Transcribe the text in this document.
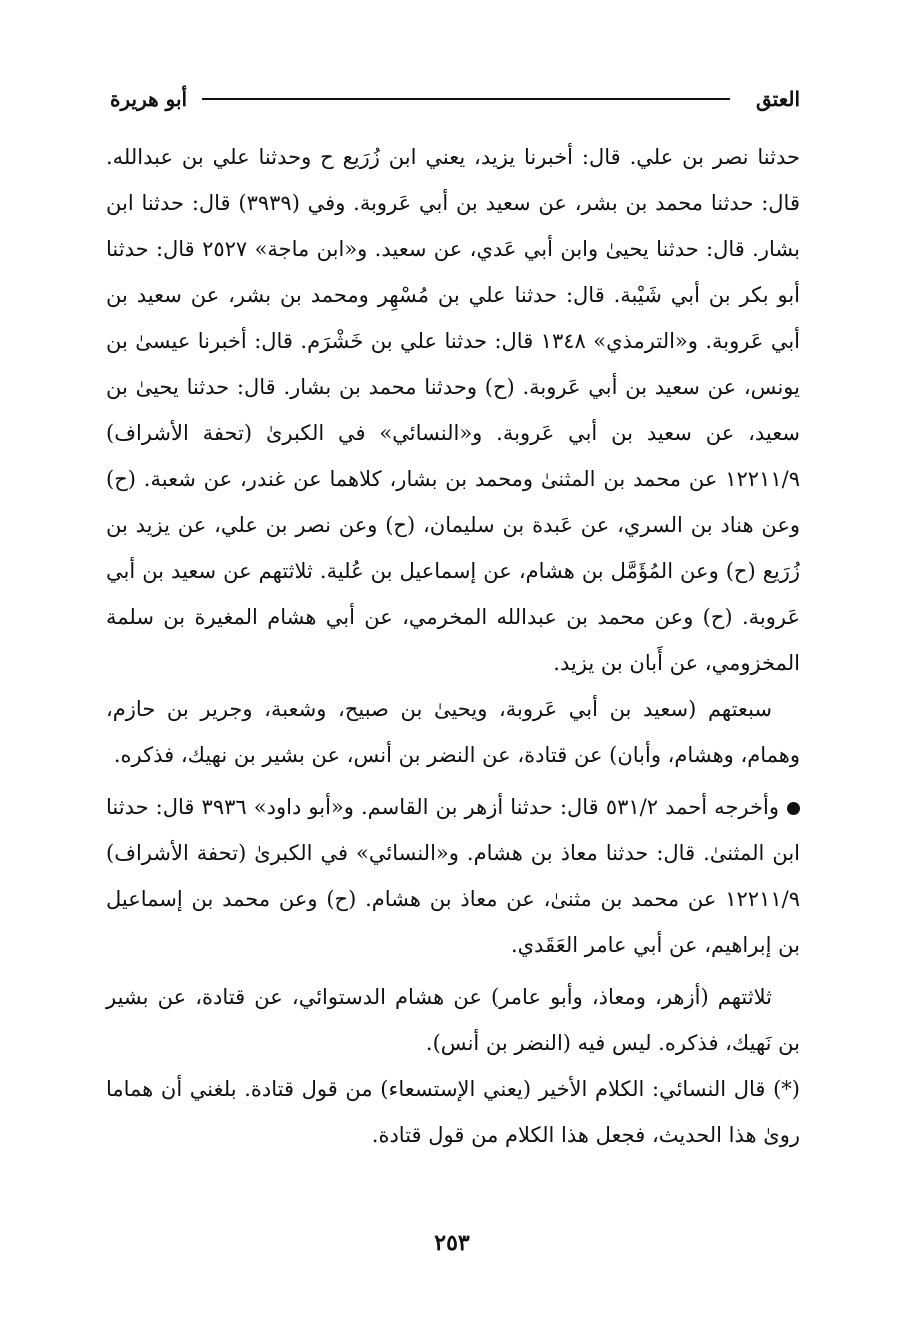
العتق
أبو هريرة

حدثنا نصر بن علي. قال: أخبرنا يزيد، يعني ابن زُرَيع ح وحدثنا علي بن عبدالله. قال: حدثنا محمد بن بشر، عن سعيد بن أبي عَروبة. وفي (٣٩٣٩) قال: حدثنا ابن بشار. قال: حدثنا يحيىٰ وابن أبي عَدي، عن سعيد. و«ابن ماجة» ٢٥٢٧ قال: حدثنا أبو بكر بن أبي شَيْبة. قال: حدثنا علي بن مُسْهِر ومحمد بن بشر، عن سعيد بن أبي عَروبة. و«الترمذي» ١٣٤٨ قال: حدثنا علي بن خَشْرَم. قال: أخبرنا عيسىٰ بن يونس، عن سعيد بن أبي عَروبة. (ح) وحدثنا محمد بن بشار. قال: حدثنا يحيىٰ بن سعيد، عن سعيد بن أبي عَروبة. و«النسائي» في الكبرىٰ (تحفة الأشراف) ١٢٢١١/٩ عن محمد بن المثنىٰ ومحمد بن بشار، كلاهما عن غندر، عن شعبة. (ح) وعن هناد بن السري، عن عَبدة بن سليمان، (ح) وعن نصر بن علي، عن يزيد بن زُرَيع (ح) وعن المُؤَمَّل بن هشام، عن إسماعيل بن عُلية. ثلاثتهم عن سعيد بن أبي عَروبة. (ح) وعن محمد بن عبدالله المخرمي، عن أبي هشام المغيرة بن سلمة المخزومي، عن أَبان بن يزيد.

سبعتهم (سعيد بن أبي عَروبة، ويحيىٰ بن صبيح، وشعبة، وجرير بن حازم، وهمام، وهشام، وأبان) عن قتادة، عن النضر بن أنس، عن بشير بن نهيك، فذكره.

وأخرجه أحمد ٥٣١/٢ قال: حدثنا أزهر بن القاسم. و«أبو داود» ٣٩٣٦ قال: حدثنا ابن المثنىٰ. قال: حدثنا معاذ بن هشام. و«النسائي» في الكبرىٰ (تحفة الأشراف) ١٢٢١١/٩ عن محمد بن مثنىٰ، عن معاذ بن هشام. (ح) وعن محمد بن إسماعيل بن إبراهيم، عن أبي عامر العَقَدي.

ثلاثتهم (أزهر، ومعاذ، وأبو عامر) عن هشام الدستوائي، عن قتادة، عن بشير بن نَهيك، فذكره. ليس فيه (النضر بن أنس).

(*) قال النسائي: الكلام الأخير (يعني الإستسعاء) من قول قتادة. بلغني أن هماما روىٰ هذا الحديث، فجعل هذا الكلام من قول قتادة.

٢٥٣
